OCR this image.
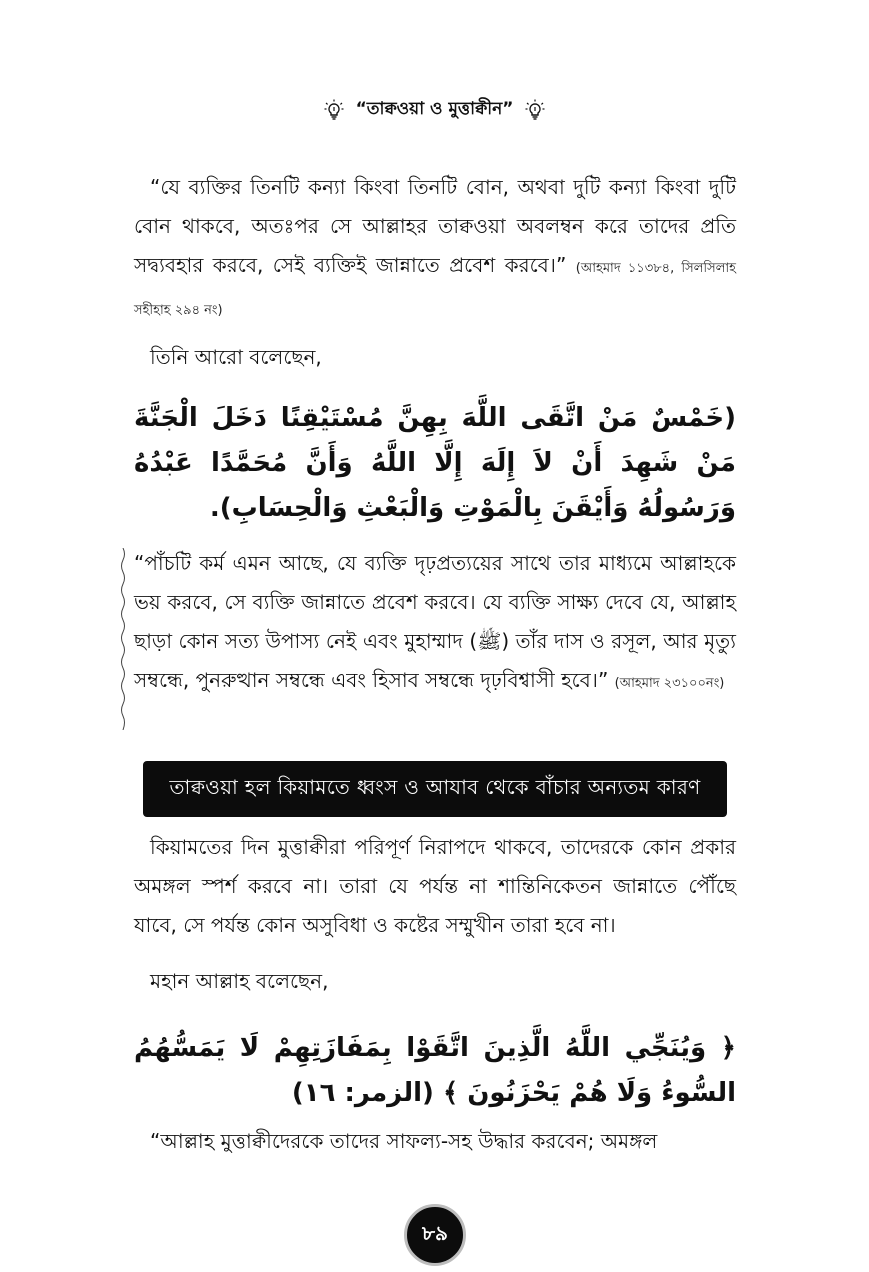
“তাক্বওয়া ও মুত্তাক্বীন”
“যে ব্যক্তির তিনটি কন্যা কিংবা তিনটি বোন, অথবা দুটি কন্যা কিংবা দুটি বোন থাকবে, অতঃপর সে আল্লাহর তাক্বওয়া অবলম্বন করে তাদের প্রতি সদ্ব্যবহার করবে, সেই ব্যক্তিই জান্নাতে প্রবেশ করবে।” (আহমাদ ১১৩৮৪, সিলসিলাহ সহীহাহ ২৯৪ নং)
তিনি আরো বলেছেন,
(خَمْسٌ مَنْ اتَّقَى اللَّهَ بِهِنَّ مُسْتَيْقِنًا دَخَلَ الْجَنَّةَ مَنْ شَهِدَ أَنْ لاَ إِلَهَ إِلَّا اللَّهُ وَأَنَّ مُحَمَّدًا عَبْدُهُ وَرَسُولُهُ وَأَيْقَنَ بِالْمَوْتِ وَالْبَعْثِ وَالْحِسَابِ).
“পাঁচটি কর্ম এমন আছে, যে ব্যক্তি দৃঢ়প্রত্যয়ের সাথে তার মাধ্যমে আল্লাহকে ভয় করবে, সে ব্যক্তি জান্নাতে প্রবেশ করবে। যে ব্যক্তি সাক্ষ্য দেবে যে, আল্লাহ ছাড়া কোন সত্য উপাস্য নেই এবং মুহাম্মাদ (ﷺ) তাঁর দাস ও রসূল, আর মৃত্যু সম্বন্ধে, পুনরুত্থান সম্বন্ধে এবং হিসাব সম্বন্ধে দৃঢ়বিশ্বাসী হবে।” (আহমাদ ২৩১০০নং)
তাক্বওয়া হল কিয়ামতে ধ্বংস ও আযাব থেকে বাঁচার অন্যতম কারণ
কিয়ামতের দিন মুত্তাক্বীরা পরিপূর্ণ নিরাপদে থাকবে, তাদেরকে কোন প্রকার অমঙ্গল স্পর্শ করবে না। তারা যে পর্যন্ত না শান্তিনিকেতন জান্নাতে পৌঁছে যাবে, সে পর্যন্ত কোন অসুবিধা ও কষ্টের সম্মুখীন তারা হবে না।
মহান আল্লাহ বলেছেন,
﴿ وَيُنَجِّي اللَّهُ الَّذِينَ اتَّقَوْا بِمَفَازَتِهِمْ لَا يَمَسُّهُمُ السُّوءُ وَلَا هُمْ يَحْزَنُونَ ﴾ (الزمر: ١٦)
“আল্লাহ মুত্তাক্বীদেরকে তাদের সাফল্য-সহ উদ্ধার করবেন; অমঙ্গল
৮৯
